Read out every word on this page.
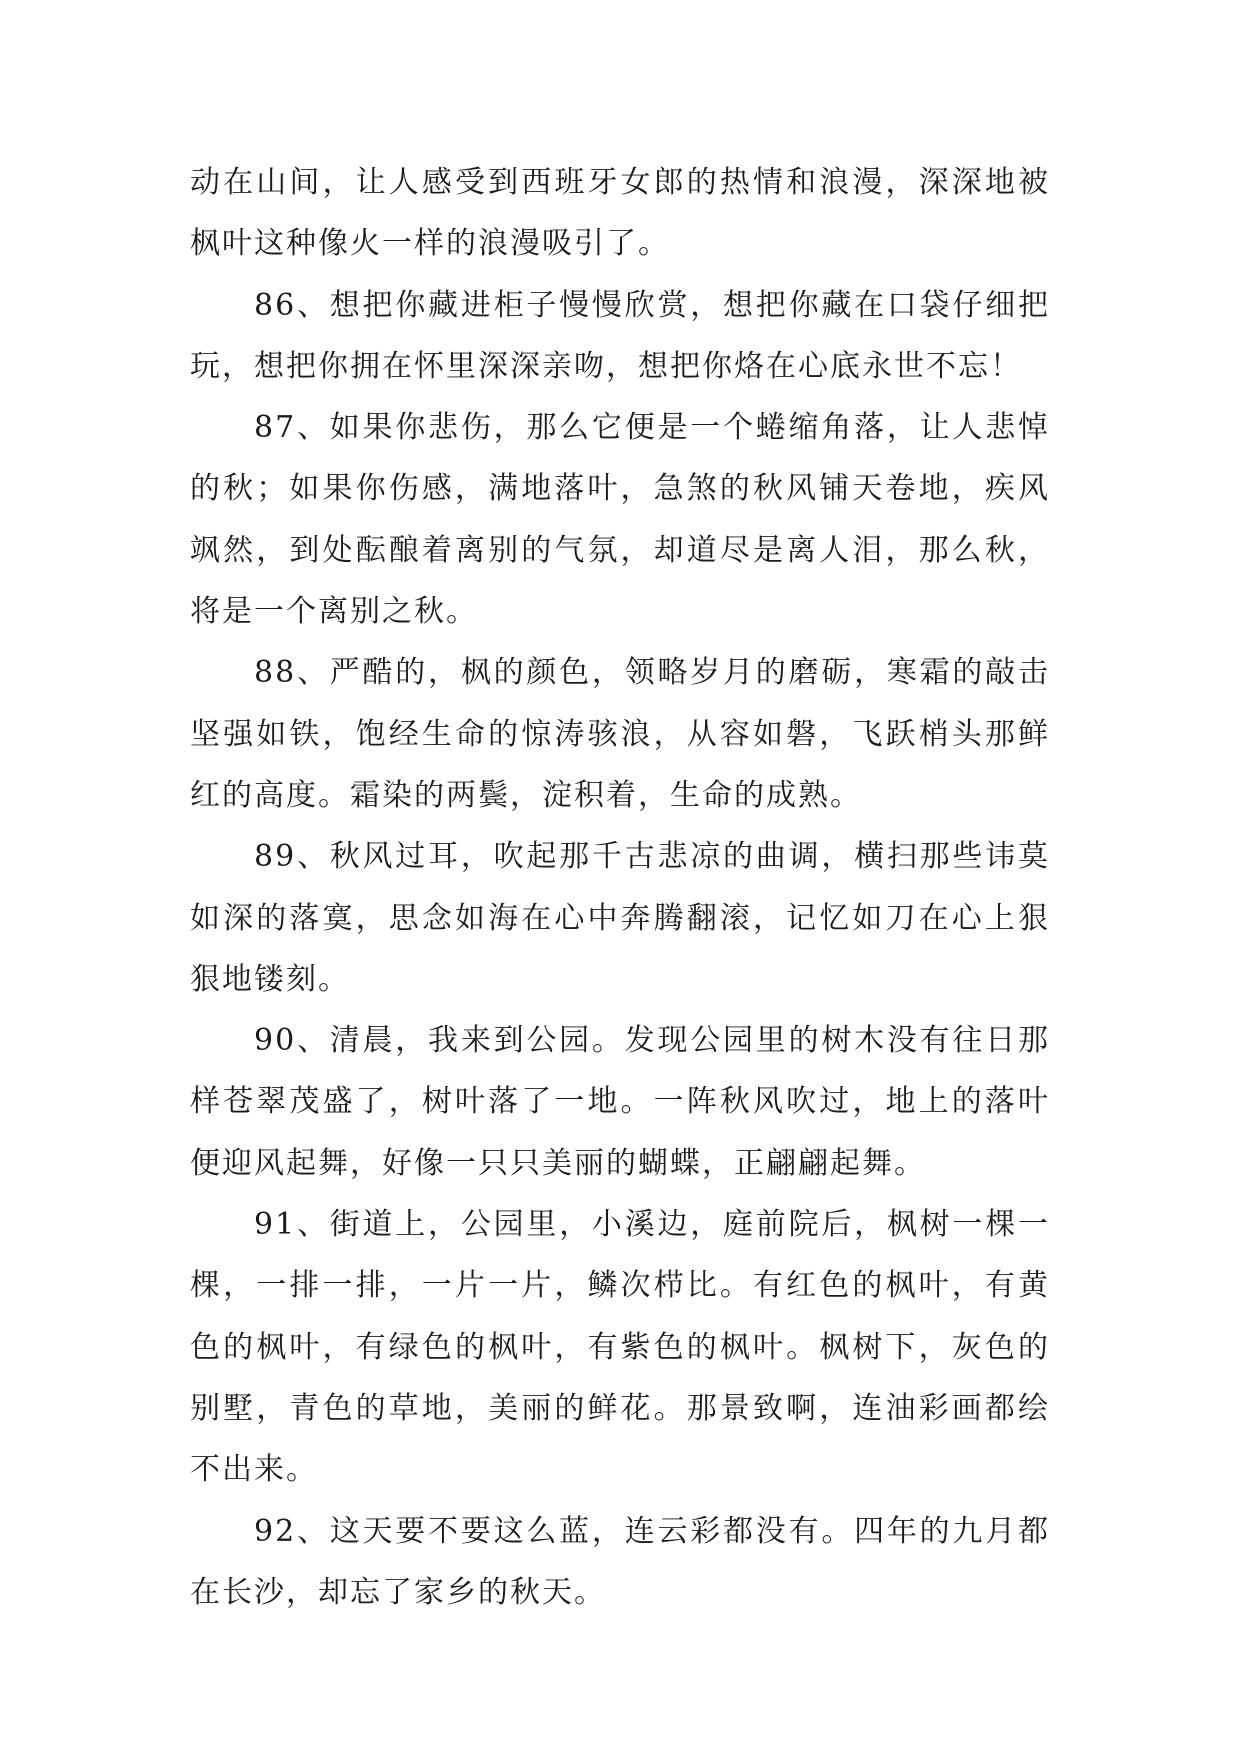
动在山间，让人感受到西班牙女郎的热情和浪漫，深深地被枫叶这种像火一样的浪漫吸引了。

86、想把你藏进柜子慢慢欣赏，想把你藏在口袋仔细把玩，想把你拥在怀里深深亲吻，想把你烙在心底永世不忘！

87、如果你悲伤，那么它便是一个蜷缩角落，让人悲悼的秋；如果你伤感，满地落叶，急煞的秋风铺天卷地，疾风飒然，到处酝酿着离别的气氛，却道尽是离人泪，那么秋，将是一个离别之秋。

88、严酷的，枫的颜色，领略岁月的磨砺，寒霜的敲击坚强如铁，饱经生命的惊涛骇浪，从容如磐，飞跃梢头那鲜红的高度。霜染的两鬓，淀积着，生命的成熟。

89、秋风过耳，吹起那千古悲凉的曲调，横扫那些讳莫如深的落寞，思念如海在心中奔腾翻滚，记忆如刀在心上狠狠地镂刻。

90、清晨，我来到公园。发现公园里的树木没有往日那样苍翠茂盛了，树叶落了一地。一阵秋风吹过，地上的落叶便迎风起舞，好像一只只美丽的蝴蝶，正翩翩起舞。

91、街道上，公园里，小溪边，庭前院后，枫树一棵一棵，一排一排，一片一片，鳞次栉比。有红色的枫叶，有黄色的枫叶，有绿色的枫叶，有紫色的枫叶。枫树下，灰色的别墅，青色的草地，美丽的鲜花。那景致啊，连油彩画都绘不出来。

92、这天要不要这么蓝，连云彩都没有。四年的九月都在长沙，却忘了家乡的秋天。
